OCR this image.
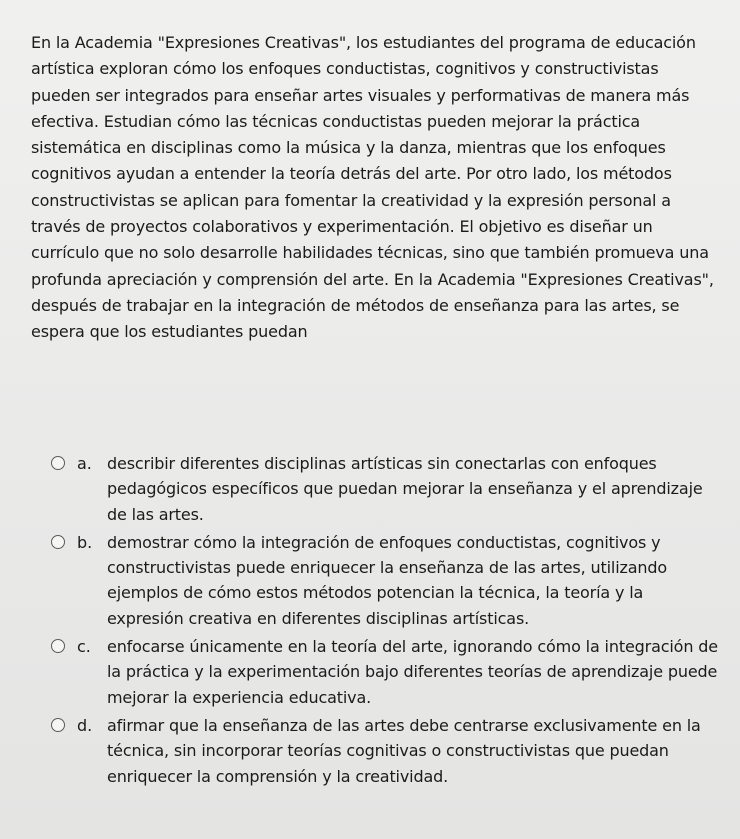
En la Academia "Expresiones Creativas", los estudiantes del programa de educación artística exploran cómo los enfoques conductistas, cognitivos y constructivistas pueden ser integrados para enseñar artes visuales y performativas de manera más efectiva. Estudian cómo las técnicas conductistas pueden mejorar la práctica sistemática en disciplinas como la música y la danza, mientras que los enfoques cognitivos ayudan a entender la teoría detrás del arte. Por otro lado, los métodos constructivistas se aplican para fomentar la creatividad y la expresión personal a través de proyectos colaborativos y experimentación. El objetivo es diseñar un currículo que no solo desarrolle habilidades técnicas, sino que también promueva una profunda apreciación y comprensión del arte. En la Academia "Expresiones Creativas", después de trabajar en la integración de métodos de enseñanza para las artes, se espera que los estudiantes puedan

a. describir diferentes disciplinas artísticas sin conectarlas con enfoques pedagógicos específicos que puedan mejorar la enseñanza y el aprendizaje de las artes.
b. demostrar cómo la integración de enfoques conductistas, cognitivos y constructivistas puede enriquecer la enseñanza de las artes, utilizando ejemplos de cómo estos métodos potencian la técnica, la teoría y la expresión creativa en diferentes disciplinas artísticas.
c.	enfocarse únicamente en la teoría del arte, ignorando cómo la integración de la práctica y la experimentación bajo diferentes teorías de aprendizaje puede mejorar la experiencia educativa.
d. afirmar que la enseñanza de las artes debe centrarse exclusivamente en la técnica, sin incorporar teorías cognitivas o constructivistas que puedan enriquecer la comprensión y la creatividad.
